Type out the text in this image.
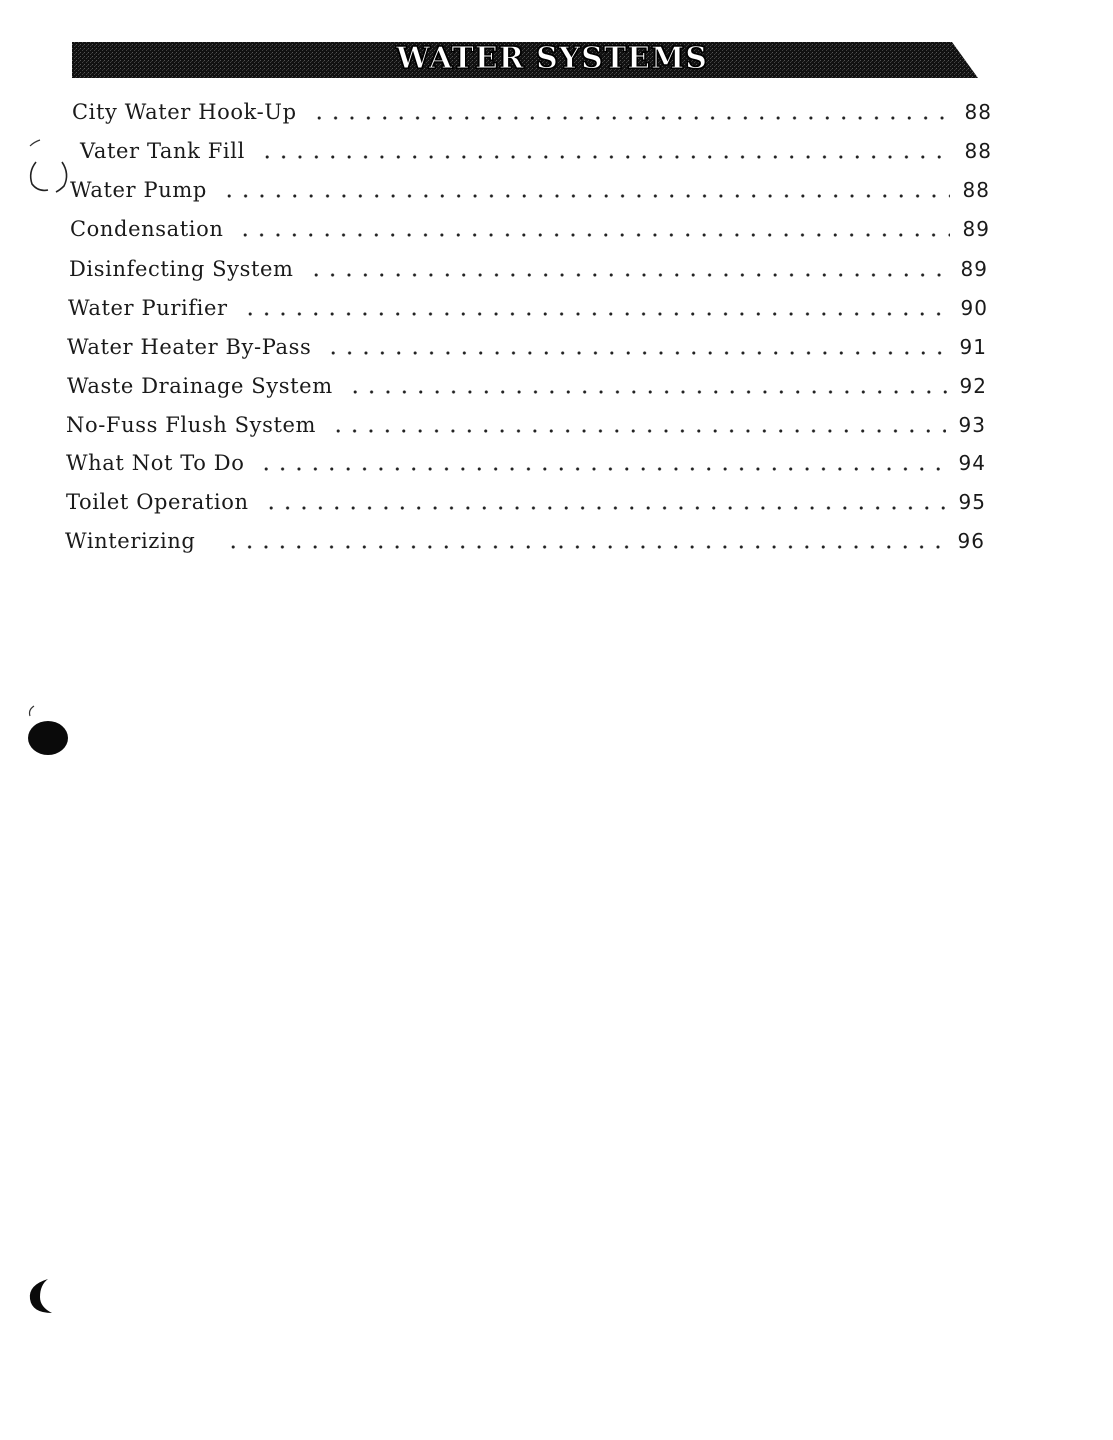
WATER SYSTEMS
City Water Hook-Up	88
Vater Tank Fill	88
Water Pump	88
Condensation	89
Disinfecting System	89
Water Purifier	90
Water Heater By-Pass	91
Waste Drainage System	92
No-Fuss Flush System	93
What Not To Do	94
Toilet Operation	95
Winterizing	96
